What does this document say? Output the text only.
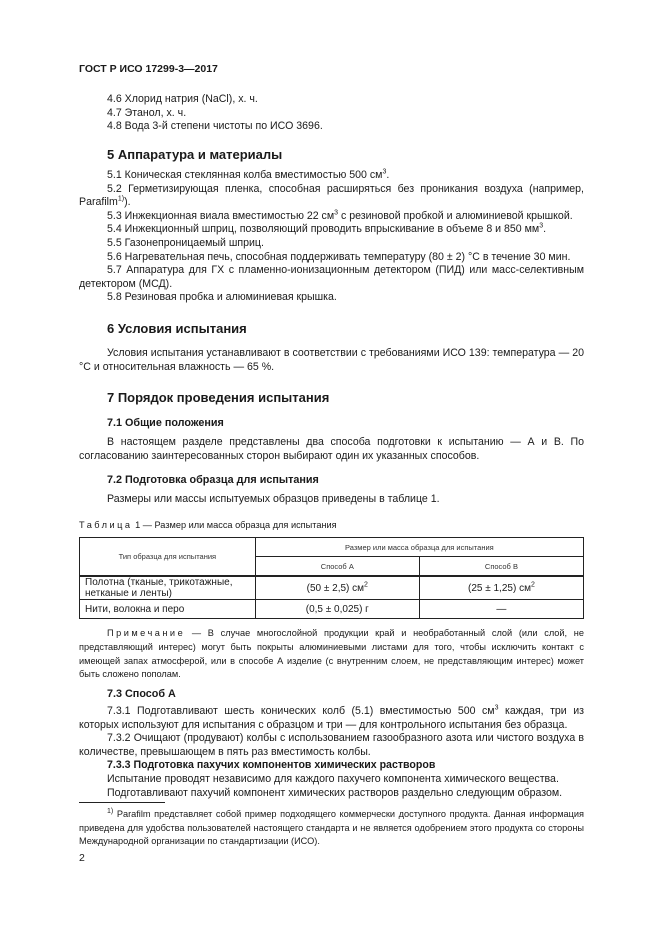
ГОСТ Р ИСО 17299-3—2017
4.6 Хлорид натрия (NaCl), х. ч.
4.7 Этанол, х. ч.
4.8 Вода 3-й степени чистоты по ИСО 3696.
5 Аппаратура и материалы
5.1 Коническая стеклянная колба вместимостью 500 $см^3$.
5.2 Герметизирующая пленка, способная расширяться без проникания воздуха (например, Parafilm$^{1)}$).
5.3 Инжекционная виала вместимостью 22 $см^3$ с резиновой пробкой и алюминиевой крышкой.
5.4 Инжекционный шприц, позволяющий проводить впрыскивание в объеме 8 и 850 $мм^3$.
5.5 Газонепроницаемый шприц.
5.6 Нагревательная печь, способная поддерживать температуру (80 ± 2) °C в течение 30 мин.
5.7 Аппаратура для ГХ с пламенно-ионизационным детектором (ПИД) или масс-селективным детектором (МСД).
5.8 Резиновая пробка и алюминиевая крышка.
6 Условия испытания
Условия испытания устанавливают в соответствии с требованиями ИСО 139: температура — 20 °С и относительная влажность — 65 %.
7 Порядок проведения испытания
7.1 Общие положения
В настоящем разделе представлены два способа подготовки к испытанию — А и В. По согласованию заинтересованных сторон выбирают один их указанных способов.
7.2 Подготовка образца для испытания
Размеры или массы испытуемых образцов приведены в таблице 1.
Таблица 1 — Размер или масса образца для испытания
Тип образца для испытания	Размер или масса образца для испытания	
	Способ А	Способ В
Полотна (тканые, трикотажные, нетканые и ленты)	(50 ± 2,5) $см^2$	(25 ± 1,25) $см^2$
Нити, волокна и перо	(0,5 ± 0,025) г	—
Примечание — В случае многослойной продукции край и необработанный слой (или слой, не представляющий интерес) могут быть покрыты алюминиевыми листами для того, чтобы исключить контакт с имеющей запах атмосферой, или в способе А изделие (с внутренним слоем, не представляющим интерес) может быть сложено пополам.
7.3 Способ А
7.3.1 Подготавливают шесть конических колб (5.1) вместимостью 500 $см^3$ каждая, три из которых используют для испытания с образцом и три — для контрольного испытания без образца.
7.3.2 Очищают (продувают) колбы с использованием газообразного азота или чистого воздуха в количестве, превышающем в пять раз вместимость колбы.
7.3.3 Подготовка пахучих компонентов химических растворов
Испытание проводят независимо для каждого пахучего компонента химического вещества.
Подготавливают пахучий компонент химических растворов раздельно следующим образом.
$^{1)}$ Parafilm представляет собой пример подходящего коммерчески доступного продукта. Данная информация приведена для удобства пользователей настоящего стандарта и не является одобрением этого продукта со стороны Международной организации по стандартизации (ИСО).
2
